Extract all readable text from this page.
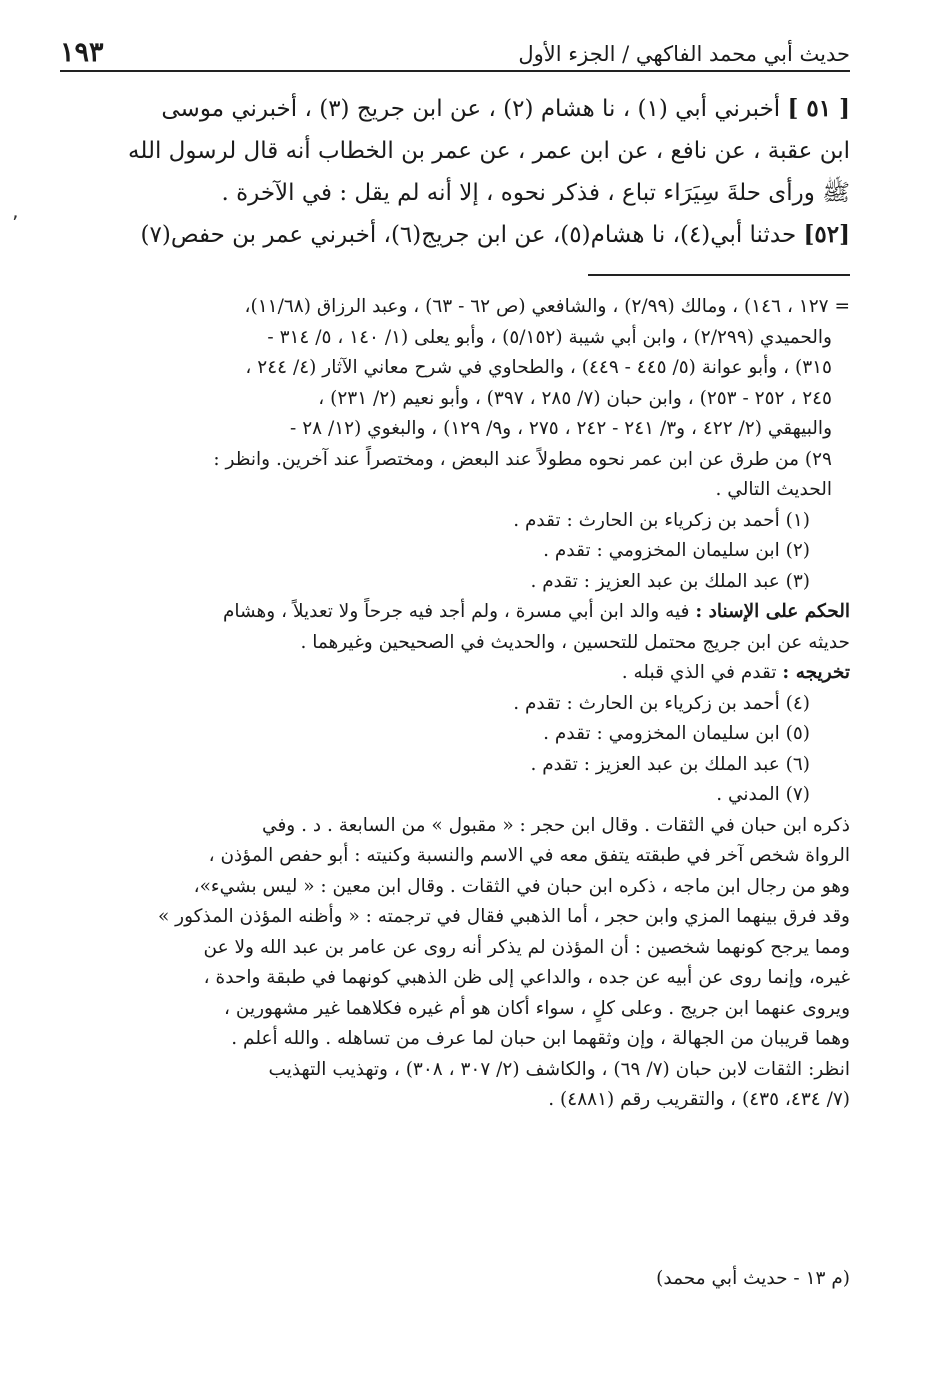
حديث أبي محمد الفاكهي / الجزء الأول
١٩٣

[ ٥١ ] أخبرني أبي (١) ، نا هشام (٢) ، عن ابن جريج (٣) ، أخبرني موسى

ابن عقبة ، عن نافع ، عن ابن عمر ، عن عمر بن الخطاب أنه قال لرسول الله

ﷺ ورأى حلةَ سِيَرَاء تباع ، فذكر نحوه ، إلا أنه لم يقل : في الآخرة .

[٥٢] حدثنا أبي(٤)، نا هشام(٥)، عن ابن جريج(٦)، أخبرني عمر بن حفص(٧)

٬

= ١٢٧ ، ١٤٦) ، ومالك (٢/٩٩) ، والشافعي (ص ٦٢ - ٦٣) ، وعبد الرزاق (١١/٦٨)،

والحميدي (٢/٢٩٩) ، وابن أبي شيبة (٥/١٥٢) ، وأبو يعلى (١/ ١٤٠ ، ٥/ ٣١٤ -

٣١٥) ، وأبو عوانة (٥/ ٤٤٥ - ٤٤٩) ، والطحاوي في شرح معاني الآثار (٤/ ٢٤٤ ،

٢٤٥ ، ٢٥٢ - ٢٥٣) ، وابن حبان (٧/ ٢٨٥ ، ٣٩٧) ، وأبو نعيم (٢/ ٢٣١) ،

والبيهقي (٢/ ٤٢٢ ، و٣/ ٢٤١ - ٢٤٢ ، ٢٧٥ ، و٩/ ١٢٩) ، والبغوي (١٢/ ٢٨ -

٢٩) من طرق عن ابن عمر نحوه مطولاً عند البعض ، ومختصراً عند آخرين. وانظر :

الحديث التالي .

(١) أحمد بن زكرياء بن الحارث : تقدم .

(٢) ابن سليمان المخزومي : تقدم .

(٣) عبد الملك بن عبد العزيز : تقدم .

الحكم على الإسناد : فيه والد ابن أبي مسرة ، ولم أجد فيه جرحاً ولا تعديلاً ، وهشام

حديثه عن ابن جريج محتمل للتحسين ، والحديث في الصحيحين وغيرهما .

تخريجه : تقدم في الذي قبله .

(٤) أحمد بن زكرياء بن الحارث : تقدم .

(٥) ابن سليمان المخزومي : تقدم .

(٦) عبد الملك بن عبد العزيز : تقدم .

(٧) المدني .

ذكره ابن حبان في الثقات . وقال ابن حجر : « مقبول » من السابعة . د . وفي

الرواة شخص آخر في طبقته يتفق معه في الاسم والنسبة وكنيته : أبو حفص المؤذن ،

وهو من رجال ابن ماجه ، ذكره ابن حبان في الثقات . وقال ابن معين : « ليس بشيء»،

وقد فرق بينهما المزي وابن حجر ، أما الذهبي فقال في ترجمته : « وأظنه المؤذن المذكور »

ومما يرجح كونهما شخصين : أن المؤذن لم يذكر أنه روى عن عامر بن عبد الله ولا عن

غيره، وإنما روى عن أبيه عن جده ، والداعي إلى ظن الذهبي كونهما في طبقة واحدة ،

ويروى عنهما ابن جريج . وعلى كلٍ ، سواء أكان هو أم غيره فكلاهما غير مشهورين ،

وهما قريبان من الجهالة ، وإن وثقهما ابن حبان لما عرف من تساهله . والله أعلم .

انظر: الثقات لابن حبان (٧/ ٦٩) ، والكاشف (٢/ ٣٠٧ ، ٣٠٨) ، وتهذيب التهذيب

(٧/ ٤٣٤، ٤٣٥) ، والتقريب رقم (٤٨٨١) .

(م ١٣ - حديث أبي محمد)
